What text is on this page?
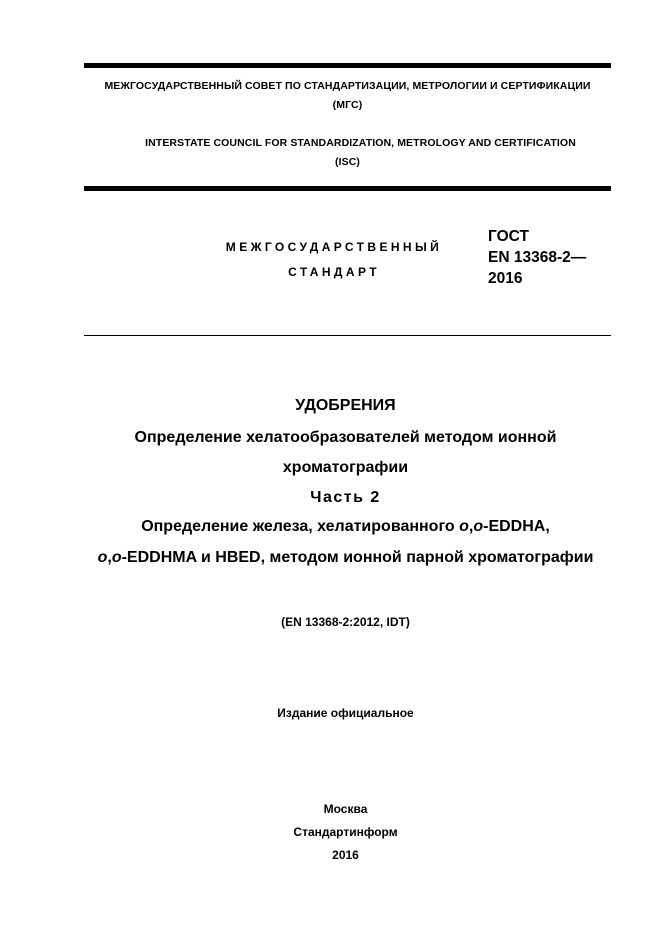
МЕЖГОСУДАРСТВЕННЫЙ СОВЕТ ПО СТАНДАРТИЗАЦИИ, МЕТРОЛОГИИ И СЕРТИФИКАЦИИ
(МГС)
INTERSTATE COUNCIL FOR STANDARDIZATION, METROLOGY AND CERTIFICATION
(ISC)
МЕЖГОСУДАРСТВЕННЫЙ
СТАНДАРТ
ГОСТ
EN 13368-2—
2016
УДОБРЕНИЯ
Определение хелатообразователей методом ионной
хроматографии
Часть 2
Определение железа, хелатированного o,o-EDDHA,
o,o-EDDHMA и HBED, методом ионной парной хроматографии
(EN 13368-2:2012, IDT)
Издание официальное
Москва
Стандартинформ
2016
